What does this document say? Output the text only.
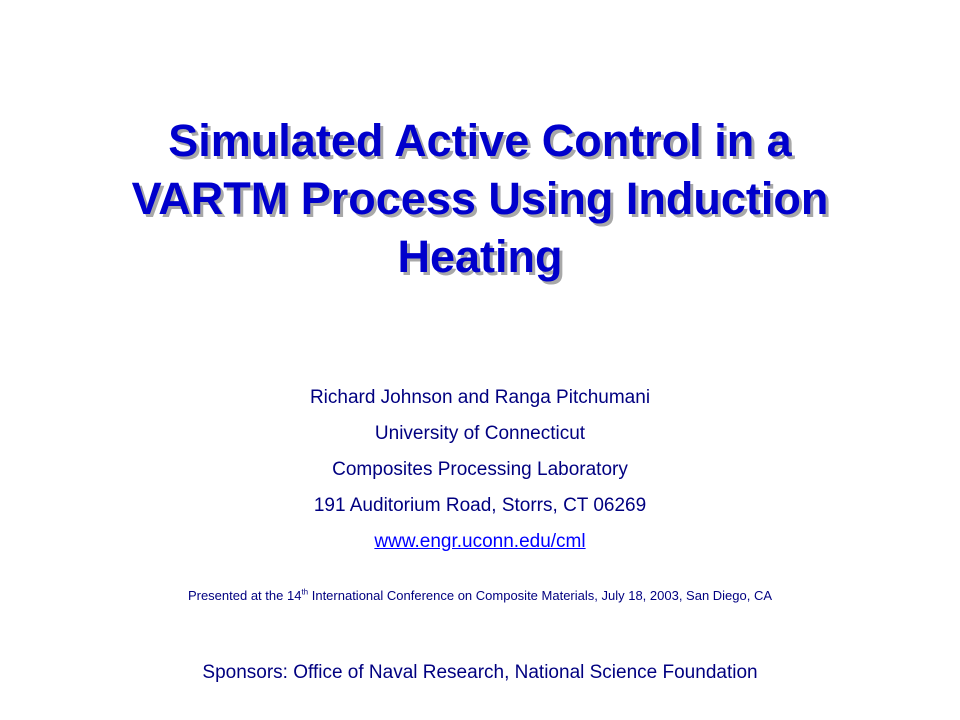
Simulated Active Control in a
VARTM Process Using Induction
Heating
Richard Johnson and Ranga Pitchumani
University of Connecticut
Composites Processing Laboratory
191 Auditorium Road, Storrs, CT 06269
www.engr.uconn.edu/cml
Presented at the 14th International Conference on Composite Materials, July 18, 2003, San Diego, CA
Sponsors: Office of Naval Research, National Science Foundation
